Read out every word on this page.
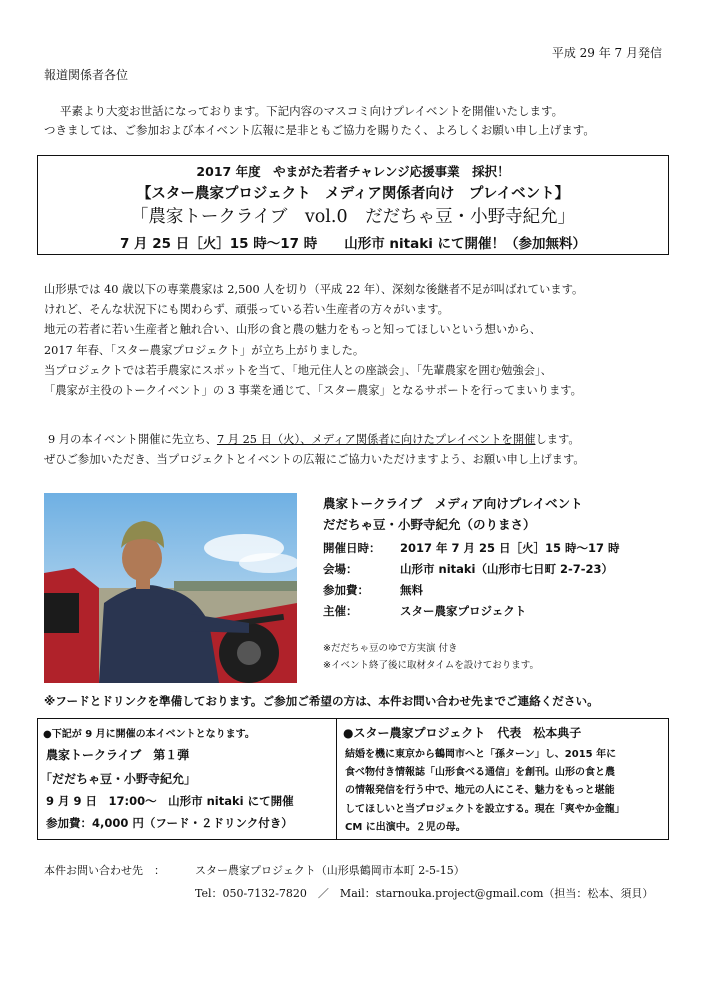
平成 29 年 7 月発信
報道関係者各位
平素より大変お世話になっております。下記内容のマスコミ向けプレイベントを開催いたします。
つきましては、ご参加および本イベント広報に是非ともご協力を賜りたく、よろしくお願い申し上げます。
2017 年度　やまがた若者チャレンジ応援事業　採択！
【スター農家プロジェクト　メディア関係者向け　プレイベント】
「農家トークライブ　vol.0　だだちゃ豆・小野寺紀允」
7 月 25 日［火］15 時〜17 時　　山形市 nitaki にて開催！（参加無料）
山形県では 40 歳以下の専業農家は 2,500 人を切り（平成 22 年）、深刻な後継者不足が叫ばれています。
けれど、そんな状況下にも関わらず、頑張っている若い生産者の方々がいます。
地元の若者に若い生産者と触れ合い、山形の食と農の魅力をもっと知ってほしいという想いから、
2017 年春、「スター農家プロジェクト」が立ち上がりました。
当プロジェクトでは若手農家にスポットを当て、「地元住人との座談会」、「先輩農家を囲む勉強会」、
「農家が主役のトークイベント」の 3 事業を通じて、「スター農家」となるサポートを行ってまいります。
9 月の本イベント開催に先立ち、7 月 25 日（火）、メディア関係者に向けたプレイベントを開催します。
ぜひご参加いただき、当プロジェクトとイベントの広報にご協力いただけますよう、お願い申し上げます。
農家トークライブ　メディア向けプレイベント
だだちゃ豆・小野寺紀允（のりまさ）
開催日時： 2017 年 7 月 25 日［火］15 時〜17 時
会場：	山形市 nitaki（山形市七日町 2-7-23）
参加費：	無料
主催：	スター農家プロジェクト
※だだちゃ豆のゆで方実演 付き
※イベント終了後に取材タイムを設けております。
※フードとドリンクを準備しております。ご参加ご希望の方は、本件お問い合わせ先までご連絡ください。
●下記が 9 月に開催の本イベントとなります。
農家トークライブ　第１弾
「だだちゃ豆・小野寺紀允」
9 月 9 日　17:00〜　山形市 nitaki にて開催
参加費：4,000 円（フード・２ドリンク付き）
●スター農家プロジェクト　代表　松本典子
結婚を機に東京から鶴岡市へと「孫ターン」し、2015 年に
食べ物付き情報誌「山形食べる通信」を創刊。山形の食と農
の情報発信を行う中で、地元の人にこそ、魅力をもっと堪能
してほしいと当プロジェクトを設立する。現在「爽やか金龍」
CM に出演中。２児の母。
本件お問い合わせ先　：	スター農家プロジェクト（山形県鶴岡市本町 2-5-15）
Tel：050-7132-7820　／　Mail：starnouka.project@gmail.com（担当：松本、須貝）
